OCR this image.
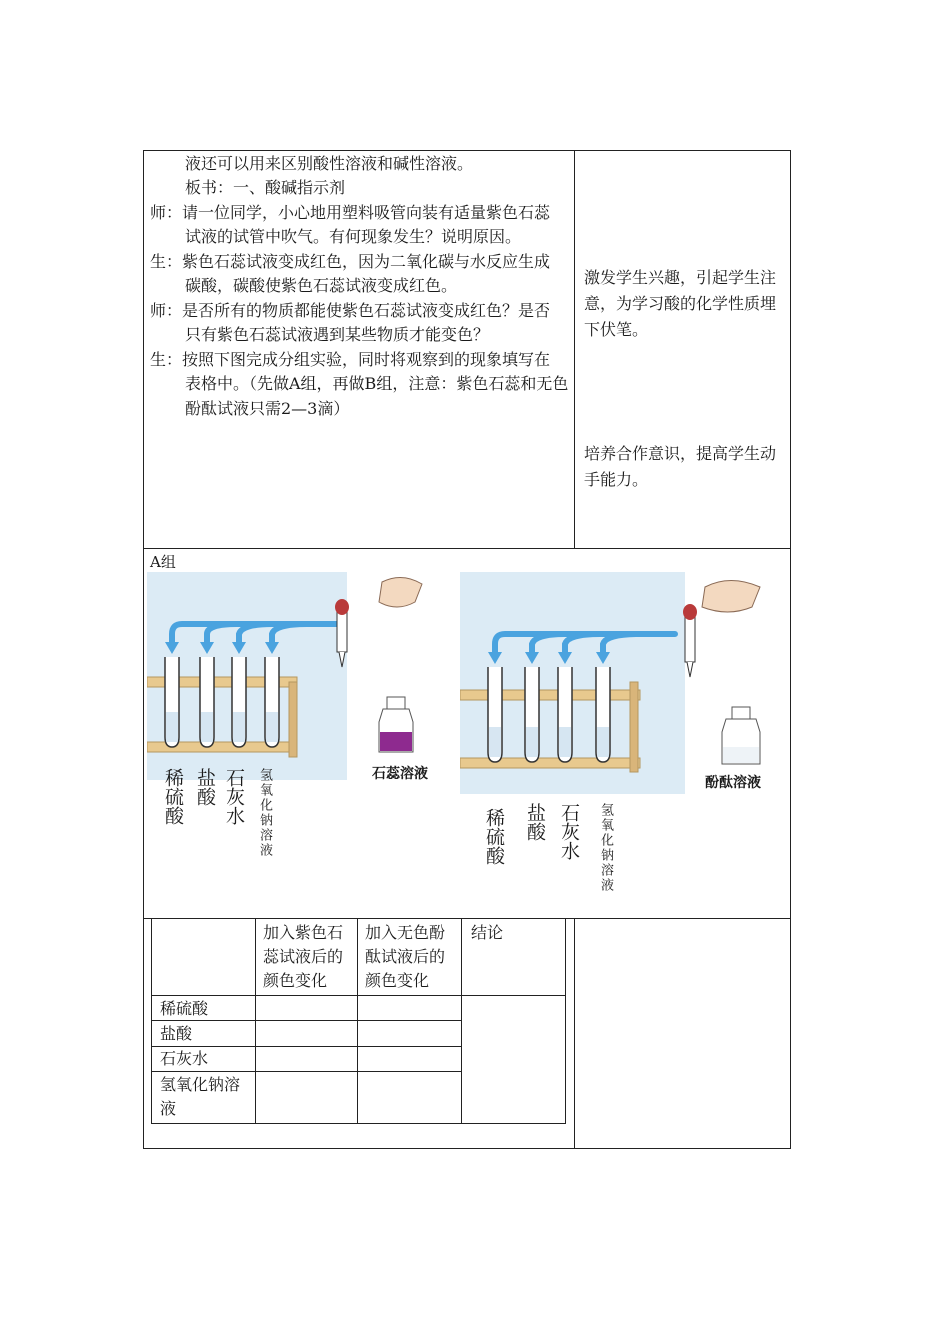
液还可以用来区别酸性溶液和碱性溶液。
板书：一、酸碱指示剂
师：请一位同学，小心地用塑料吸管向装有适量紫色石蕊
试液的试管中吹气。有何现象发生？说明原因。
生：紫色石蕊试液变成红色，因为二氧化碳与水反应生成
碳酸，碳酸使紫色石蕊试液变成红色。
师：是否所有的物质都能使紫色石蕊试液变成红色？是否
只有紫色石蕊试液遇到某些物质才能变色？
生：按照下图完成分组实验，同时将观察到的现象填写在
表格中。（先做A组，再做B组，注意：紫色石蕊和无色
酚酞试液只需2—3滴）
激发学生兴趣，引起学生注意，为学习酸的化学性质埋下伏笔。
培养合作意识，提高学生动手能力。
A组
石蕊溶液
稀硫酸 盐酸 石灰水 氢氧化钠溶液	酚酞溶液
稀硫酸 盐酸 石灰水 氢氧化钠溶液
加入紫色石蕊试液后的颜色变化
加入无色酚酞试液后的颜色变化
结论
稀硫酸
盐酸
石灰水
氢氧化钠溶液
